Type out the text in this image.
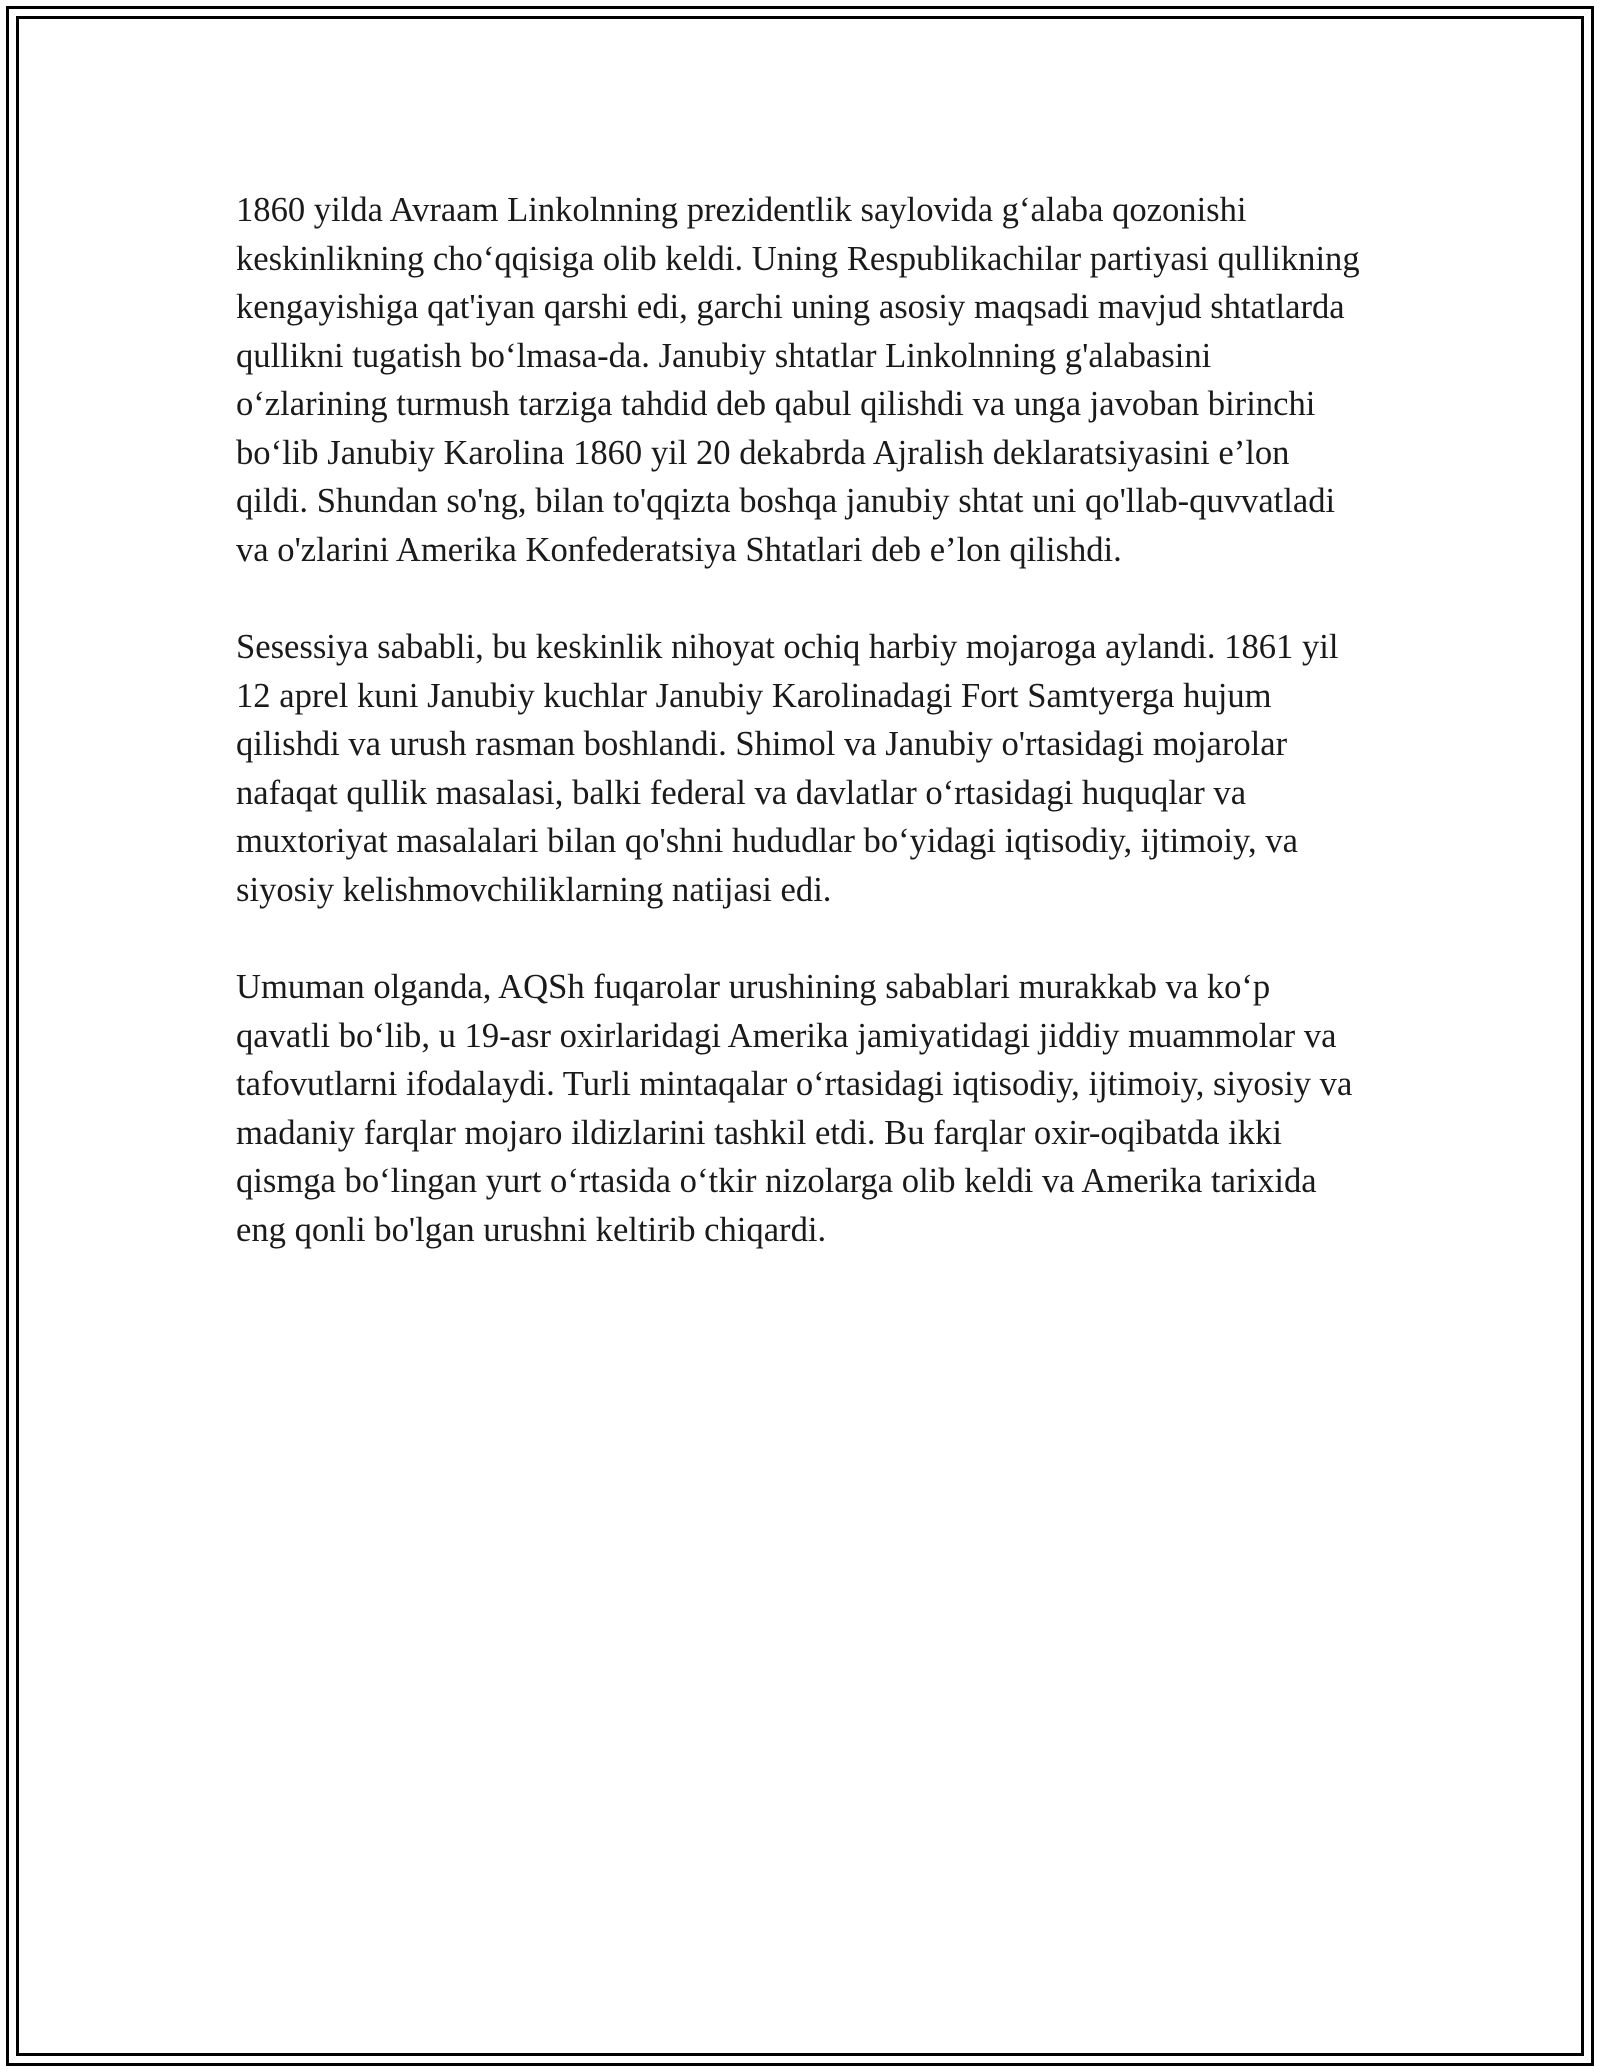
1860 yilda Avraam Linkolnning prezidentlik saylovida g‘alaba qozonishi keskinlikning cho‘qqisiga olib keldi. Uning Respublikachilar partiyasi qullikning kengayishiga qat'iyan qarshi edi, garchi uning asosiy maqsadi mavjud shtatlarda qullikni tugatish bo‘lmasa-da. Janubiy shtatlar Linkolnning g'alabasini o‘zlarining turmush tarziga tahdid deb qabul qilishdi va unga javoban birinchi bo‘lib Janubiy Karolina 1860 yil 20 dekabrda Ajralish deklaratsiyasini e’lon qildi. Shundan so'ng, bilan to'qqizta boshqa janubiy shtat uni qo'llab-quvvatladi va o'zlarini Amerika Konfederatsiya Shtatlari deb e’lon qilishdi.

Sesessiya sababli, bu keskinlik nihoyat ochiq harbiy mojaroga aylandi. 1861 yil 12 aprel kuni Janubiy kuchlar Janubiy Karolinadagi Fort Samtyerga hujum qilishdi va urush rasman boshlandi. Shimol va Janubiy o'rtasidagi mojarolar nafaqat qullik masalasi, balki federal va davlatlar o‘rtasidagi huquqlar va muxtoriyat masalalari bilan qo'shni hududlar bo‘yidagi iqtisodiy, ijtimoiy, va siyosiy kelishmovchiliklarning natijasi edi.

Umuman olganda, AQSh fuqarolar urushining sabablari murakkab va ko‘p qavatli bo‘lib, u 19-asr oxirlaridagi Amerika jamiyatidagi jiddiy muammolar va tafovutlarni ifodalaydi. Turli mintaqalar o‘rtasidagi iqtisodiy, ijtimoiy, siyosiy va madaniy farqlar mojaro ildizlarini tashkil etdi. Bu farqlar oxir-oqibatda ikki qismga bo‘lingan yurt o‘rtasida o‘tkir nizolarga olib keldi va Amerika tarixida eng qonli bo'lgan urushni keltirib chiqardi.
